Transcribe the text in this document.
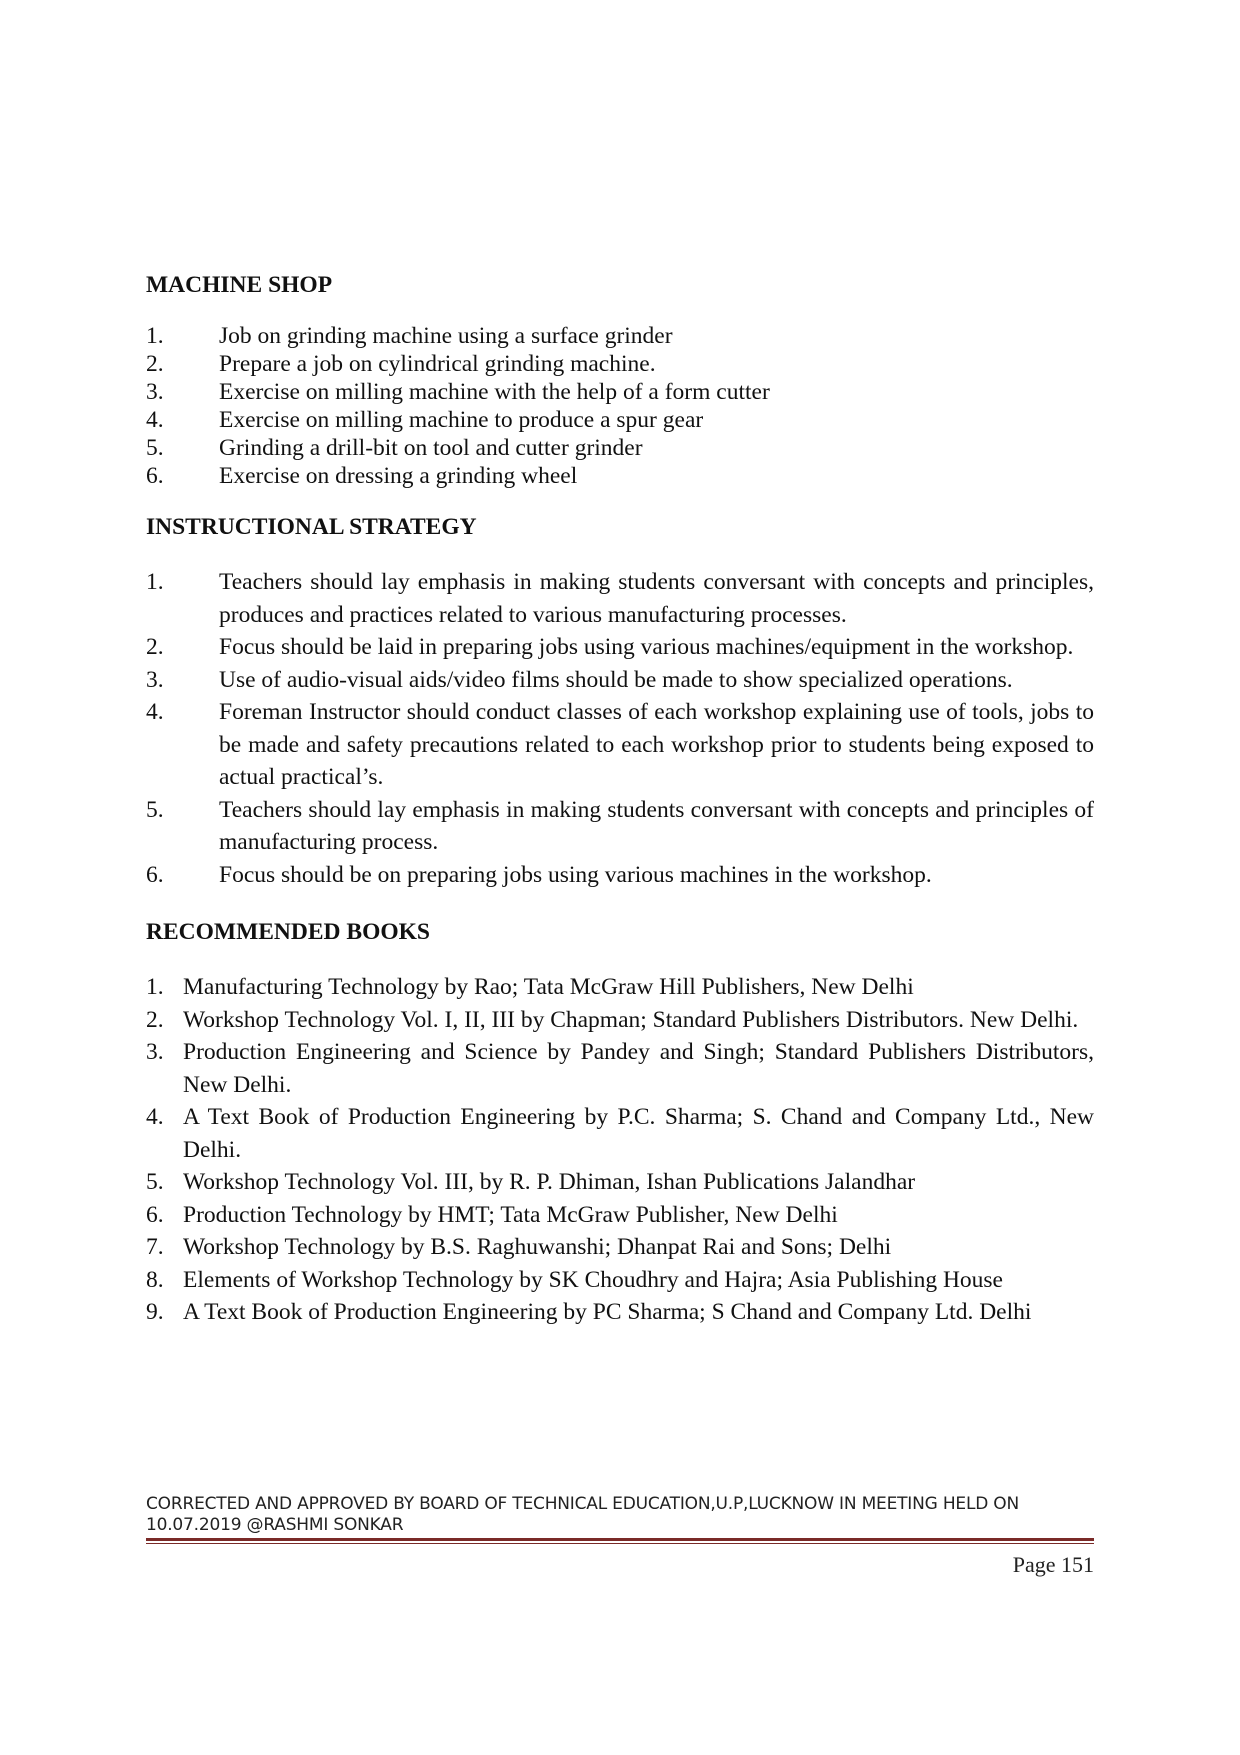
MACHINE SHOP
1. Job on grinding machine using a surface grinder
2. Prepare a job on cylindrical grinding machine.
3. Exercise on milling machine with the help of a form cutter
4. Exercise on milling machine to produce a spur gear
5. Grinding a drill-bit on tool and cutter grinder
6. Exercise on dressing a grinding wheel
INSTRUCTIONAL STRATEGY
1. Teachers should lay emphasis in making students conversant with concepts and principles, produces and practices related to various manufacturing processes.
2. Focus should be laid in preparing jobs using various machines/equipment in the workshop.
3. Use of audio-visual aids/video films should be made to show specialized operations.
4. Foreman Instructor should conduct classes of each workshop explaining use of tools, jobs to be made and safety precautions related to each workshop prior to students being exposed to actual practical’s.
5. Teachers should lay emphasis in making students conversant with concepts and principles of manufacturing process.
6. Focus should be on preparing jobs using various machines in the workshop.
RECOMMENDED BOOKS
1. Manufacturing Technology by Rao; Tata McGraw Hill Publishers, New Delhi
2. Workshop Technology Vol. I, II, III by Chapman; Standard Publishers Distributors. New Delhi.
3. Production Engineering and Science by Pandey and Singh; Standard Publishers Distributors, New Delhi.
4. A Text Book of Production Engineering by P.C. Sharma; S. Chand and Company Ltd., New Delhi.
5. Workshop Technology Vol. III, by R. P. Dhiman, Ishan Publications Jalandhar
6. Production Technology by HMT; Tata McGraw Publisher, New Delhi
7. Workshop Technology by B.S. Raghuwanshi; Dhanpat Rai and Sons; Delhi
8. Elements of Workshop Technology by SK Choudhry and Hajra; Asia Publishing House
9. A Text Book of Production Engineering by PC Sharma; S Chand and Company Ltd. Delhi
CORRECTED AND APPROVED BY BOARD OF TECHNICAL EDUCATION,U.P,LUCKNOW IN MEETING HELD ON
10.07.2019 @RASHMI SONKAR
Page 151
